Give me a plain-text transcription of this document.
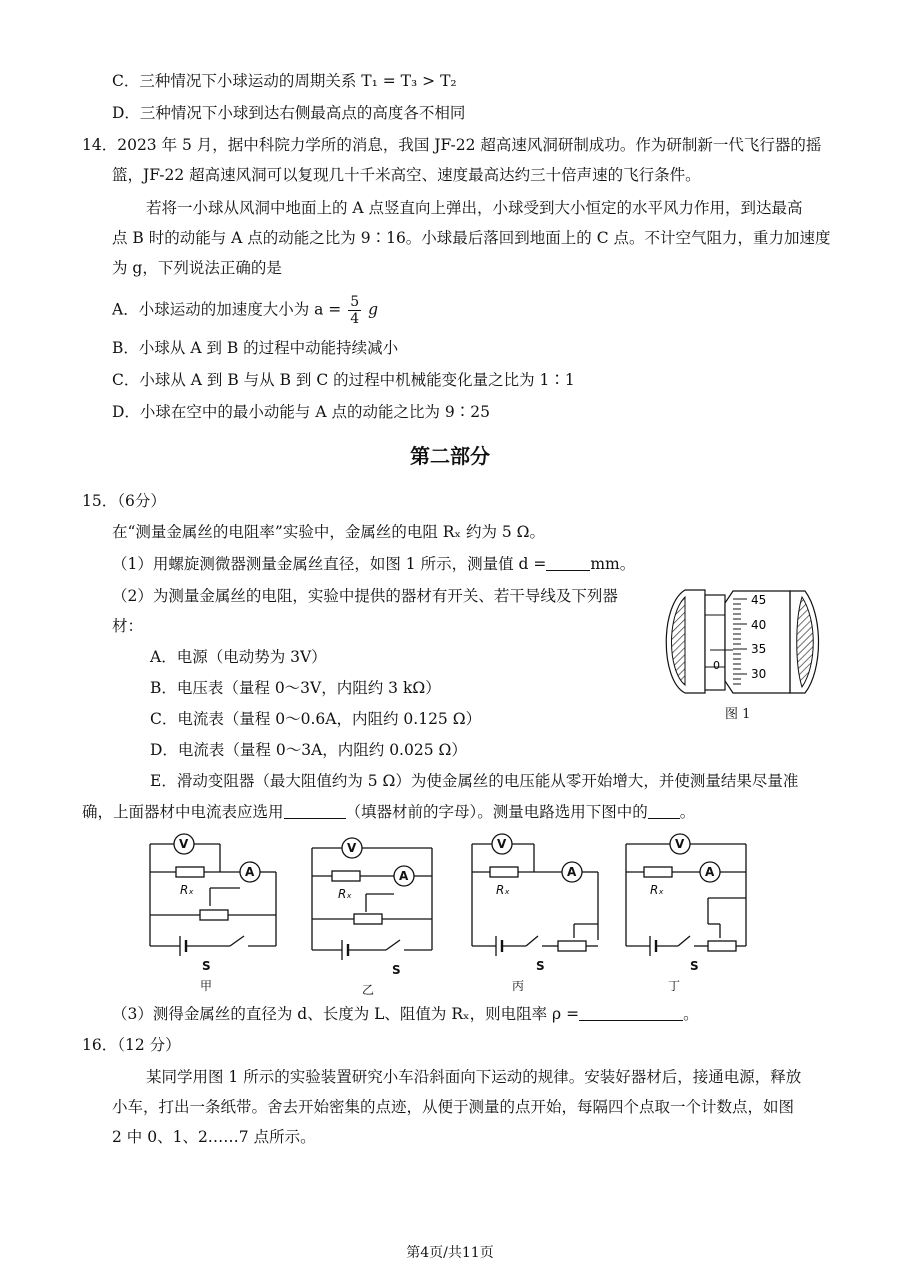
C．三种情况下小球运动的周期关系 T₁ = T₃ > T₂
D．三种情况下小球到达右侧最高点的高度各不相同
14．2023 年 5 月，据中科院力学所的消息，我国 JF-22 超高速风洞研制成功。作为研制新一代飞行器的摇
篮，JF-22 超高速风洞可以复现几十千米高空、速度最高达约三十倍声速的飞行条件。
若将一小球从风洞中地面上的 A 点竖直向上弹出，小球受到大小恒定的水平风力作用，到达最高
点 B 时的动能与 A 点的动能之比为 9∶16。小球最后落回到地面上的 C 点。不计空气阻力，重力加速度
为 g，下列说法正确的是
A．小球运动的加速度大小为 $a = \frac{5}{4}$ g
B．小球从 A 到 B 的过程中动能持续减小
C．小球从 A 到 B 与从 B 到 C 的过程中机械能变化量之比为 1∶1
D．小球在空中的最小动能与 A 点的动能之比为 9∶25
第二部分
15．（6分）
在“测量金属丝的电阻率”实验中，金属丝的电阻 Rₓ 约为 5 Ω。
（1）用螺旋测微器测量金属丝直径，如图 1 所示，测量值 d =	mm。
（2）为测量金属丝的电阻，实验中提供的器材有开关、若干导线及下列器
材：
A．电源（电动势为 3V）
B．电压表（量程 0～3V，内阻约 3 kΩ）
C．电流表（量程 0～0.6A，内阻约 0.125 Ω）
D．电流表（量程 0～3A，内阻约 0.025 Ω）
E．滑动变阻器（最大阻值约为 5 Ω）为使金属丝的电压能从零开始增大，并使测量结果尽量准
确，上面器材中电流表应选用	（填器材前的字母）。测量电路选用下图中的 。
45
40
35
30
0
图 1
V
A
Rₓ
V
A
Rₓ
V
A
Rₓ
V
A
Rₓ
S	S	S	S
甲	乙	丙	丁
（3）测得金属丝的直径为 d、长度为 L、阻值为 Rₓ，则电阻率 ρ =	。
16．（12 分）
某同学用图 1 所示的实验装置研究小车沿斜面向下运动的规律。安装好器材后，接通电源，释放
小车，打出一条纸带。舍去开始密集的点迹，从便于测量的点开始，每隔四个点取一个计数点，如图
2 中 0、1、2……7 点所示。
第4页/共11页
